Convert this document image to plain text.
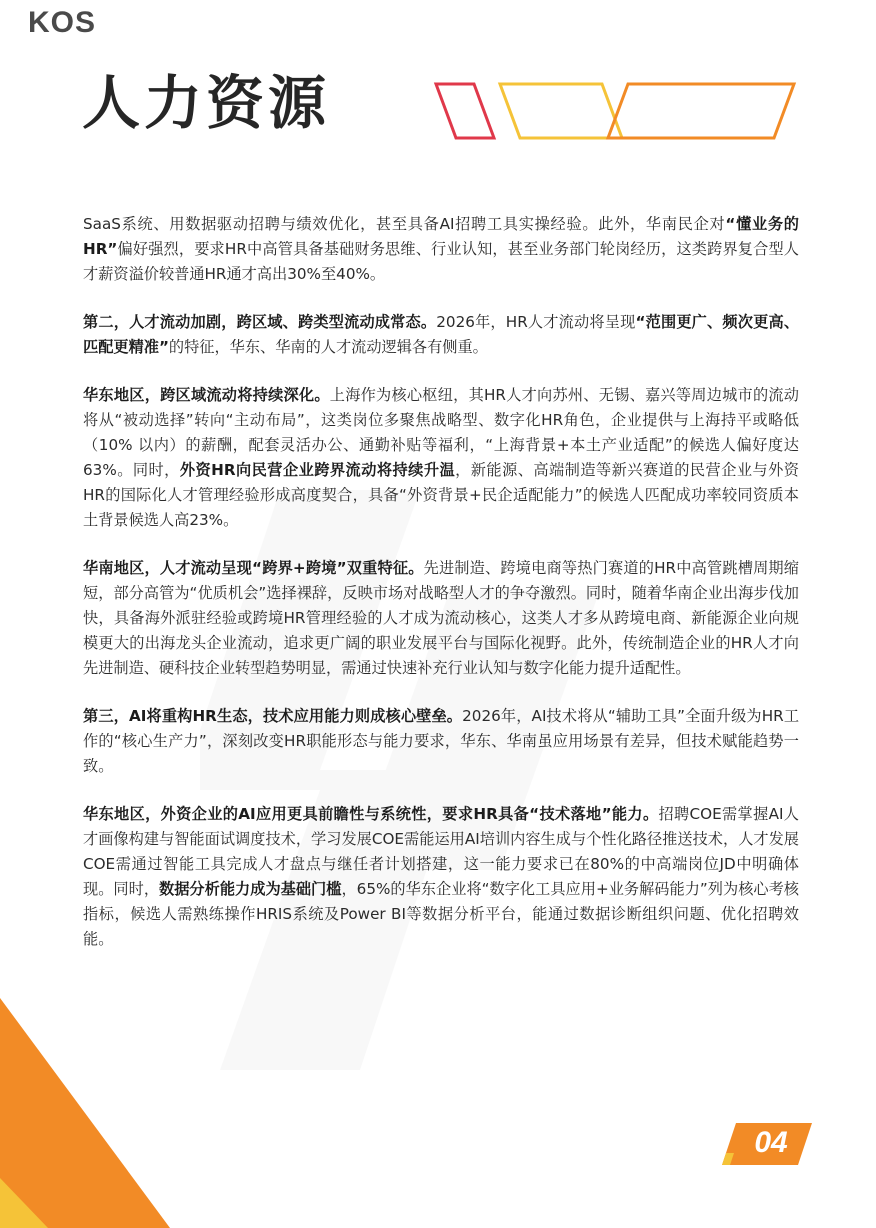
KOS
人力资源

SaaS系统、用数据驱动招聘与绩效优化，甚至具备AI招聘工具实操经验。此外，华南民企对“懂业务的HR”偏好强烈，要求HR中高管具备基础财务思维、行业认知，甚至业务部门轮岗经历，这类跨界复合型人才薪资溢价较普通HR通才高出30%至40%。

第二，人才流动加剧，跨区域、跨类型流动成常态。2026年，HR人才流动将呈现“范围更广、频次更高、匹配更精准”的特征，华东、华南的人才流动逻辑各有侧重。

华东地区，跨区域流动将持续深化。上海作为核心枢纽，其HR人才向苏州、无锡、嘉兴等周边城市的流动将从“被动选择”转向“主动布局”，这类岗位多聚焦战略型、数字化HR角色，企业提供与上海持平或略低（10% 以内）的薪酬，配套灵活办公、通勤补贴等福利，“上海背景+本土产业适配”的候选人偏好度达63%。同时，外资HR向民营企业跨界流动将持续升温，新能源、高端制造等新兴赛道的民营企业与外资HR的国际化人才管理经验形成高度契合，具备“外资背景+民企适配能力”的候选人匹配成功率较同资质本土背景候选人高23%。

华南地区，人才流动呈现“跨界+跨境”双重特征。先进制造、跨境电商等热门赛道的HR中高管跳槽周期缩短，部分高管为“优质机会”选择裸辞，反映市场对战略型人才的争夺激烈。同时，随着华南企业出海步伐加快，具备海外派驻经验或跨境HR管理经验的人才成为流动核心，这类人才多从跨境电商、新能源企业向规模更大的出海龙头企业流动，追求更广阔的职业发展平台与国际化视野。此外，传统制造企业的HR人才向先进制造、硬科技企业转型趋势明显，需通过快速补充行业认知与数字化能力提升适配性。

第三，AI将重构HR生态，技术应用能力则成核心壁垒。2026年，AI技术将从“辅助工具”全面升级为HR工作的“核心生产力”，深刻改变HR职能形态与能力要求，华东、华南虽应用场景有差异，但技术赋能趋势一致。

华东地区，外资企业的AI应用更具前瞻性与系统性，要求HR具备“技术落地”能力。招聘COE需掌握AI人才画像构建与智能面试调度技术，学习发展COE需能运用AI培训内容生成与个性化路径推送技术，人才发展COE需通过智能工具完成人才盘点与继任者计划搭建，这一能力要求已在80%的中高端岗位JD中明确体现。同时，数据分析能力成为基础门槛，65%的华东企业将“数字化工具应用+业务解码能力”列为核心考核指标，候选人需熟练操作HRIS系统及Power BI等数据分析平台，能通过数据诊断组织问题、优化招聘效能。

04
